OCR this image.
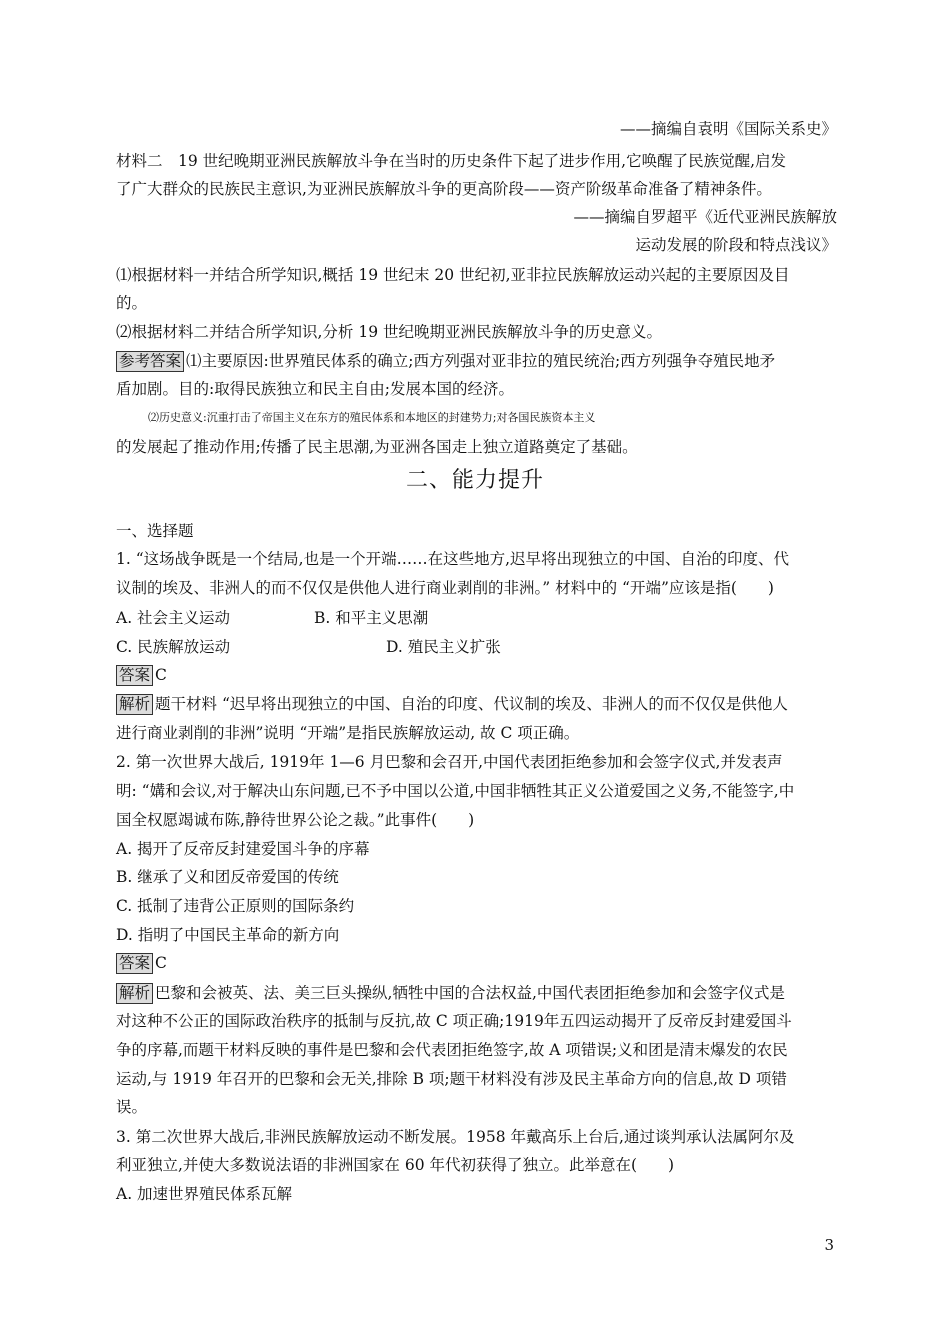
——摘编自袁明《国际关系史》
材料二　19 世纪晚期亚洲民族解放斗争在当时的历史条件下起了进步作用,它唤醒了民族觉醒,启发
了广大群众的民族民主意识,为亚洲民族解放斗争的更高阶段——资产阶级革命准备了精神条件。
——摘编自罗超平《近代亚洲民族解放
运动发展的阶段和特点浅议》
⑴根据材料一并结合所学知识,概括 19 世纪末 20 世纪初,亚非拉民族解放运动兴起的主要原因及目
的。
⑵根据材料二并结合所学知识,分析 19 世纪晚期亚洲民族解放斗争的历史意义。
参考答案 ⑴主要原因:世界殖民体系的确立;西方列强对亚非拉的殖民统治;西方列强争夺殖民地矛
盾加剧。目的:取得民族独立和民主自由;发展本国的经济。
⑵历史意义:沉重打击了帝国主义在东方的殖民体系和本地区的封建势力;对各国民族资本主义
的发展起了推动作用;传播了民主思潮,为亚洲各国走上独立道路奠定了基础。
二、能力提升
一、选择题
1. “这场战争既是一个结局,也是一个开端……在这些地方,迟早将出现独立的中国、自治的印度、代
议制的埃及、非洲人的而不仅仅是供他人进行商业剥削的非洲。” 材料中的 “开端”应该是指(　　)
A. 社会主义运动	B. 和平主义思潮
C. 民族解放运动	D. 殖民主义扩张
答案 C
解析 题干材料 “迟早将出现独立的中国、自治的印度、代议制的埃及、非洲人的而不仅仅是供他人
进行商业剥削的非洲”说明 “开端”是指民族解放运动, 故 C 项正确。
2. 第一次世界大战后, 1919年 1—6 月巴黎和会召开,中国代表团拒绝参加和会签字仪式,并发表声
明: “媾和会议,对于解决山东问题,已不予中国以公道,中国非牺牲其正义公道爱国之义务,不能签字,中
国全权愿竭诚布陈,静待世界公论之裁。”此事件(　　)
A. 揭开了反帝反封建爱国斗争的序幕
B. 继承了义和团反帝爱国的传统
C. 抵制了违背公正原则的国际条约
D. 指明了中国民主革命的新方向
答案 C
解析 巴黎和会被英、法、美三巨头操纵,牺牲中国的合法权益,中国代表团拒绝参加和会签字仪式是
对这种不公正的国际政治秩序的抵制与反抗,故 C 项正确;1919年五四运动揭开了反帝反封建爱国斗
争的序幕,而题干材料反映的事件是巴黎和会代表团拒绝签字,故 A 项错误;义和团是清末爆发的农民
运动,与 1919 年召开的巴黎和会无关,排除 B 项;题干材料没有涉及民主革命方向的信息,故 D 项错
误。
3. 第二次世界大战后,非洲民族解放运动不断发展。1958 年戴高乐上台后,通过谈判承认法属阿尔及
利亚独立,并使大多数说法语的非洲国家在 60 年代初获得了独立。此举意在(　　)
A. 加速世界殖民体系瓦解
3
